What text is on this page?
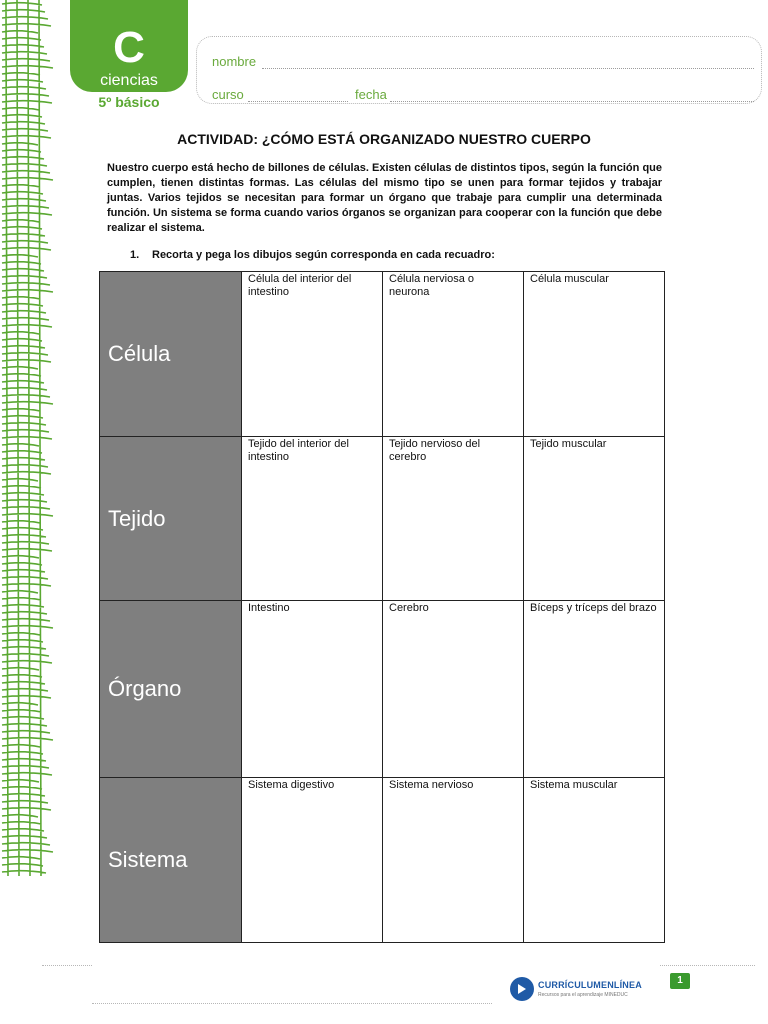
C
ciencias
5º básico
nombre
curso	fecha
ACTIVIDAD: ¿CÓMO ESTÁ ORGANIZADO NUESTRO CUERPO
Nuestro cuerpo está hecho de billones de células. Existen células de distintos tipos, según la función que cumplen, tienen distintas formas. Las células del mismo tipo se unen para formar tejidos y trabajar juntas. Varios tejidos se necesitan para formar un órgano que trabaje para cumplir una determinada función. Un sistema se forma cuando varios órganos se organizan para cooperar con la función que debe realizar el sistema.
1. Recorta y pega los dibujos según corresponda en cada recuadro:
Célula	Célula del interior del intestino	Célula nerviosa o neurona	Célula muscular
Tejido	Tejido del interior del intestino	Tejido nervioso del cerebro	Tejido muscular
Órgano	Intestino	Cerebro	Bíceps y tríceps del brazo
Sistema	Sistema digestivo	Sistema nervioso	Sistema muscular
CURRÍCULUMENLÍNEA
Recursos para el aprendizaje MINEDUC
1
